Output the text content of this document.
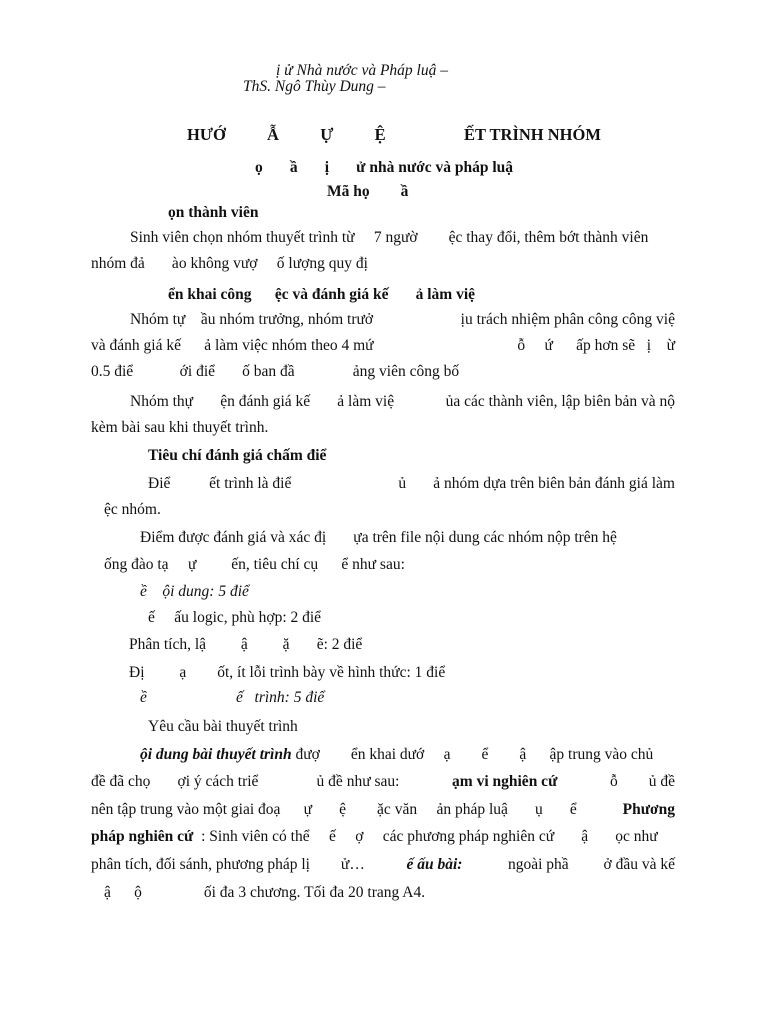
ị ử Nhà nước và Pháp luậ –
ThS. Ngô Thùy Dung –
HƯỚ          Ẫ          Ự          Ệ                   ẾT TRÌNH NHÓM
ọ       ầ       ị       ử nhà nước và pháp luậ
Mã họ        ầ
ọn thành viên
Sinh viên chọn nhóm thuyết trình từ     7 ngườ        ệc thay đổi, thêm bớt thành viên
nhóm đả       ào không vượ     ố lượng quy đị
ển khai công ệc và đánh giá kế ả làm việ
Nhóm tự    ầu nhóm trưởng, nhóm trưở	ịu trách nhiệm phân công công việ
và đánh giá kế      ả làm việc nhóm theo 4 mứ	ỗ     ứ      ấp hơn sẽ   ị    ừ
0.5 điể            ới điể       ố ban đầ               ảng viên công bố
Nhóm thự       ện đánh giá kế       ả làm việ	ủa các thành viên, lập biên bản và nộ
kèm bài sau khi thuyết trình.
Tiêu chí đánh giá chấm điể
Điể          ết trình là điể	ủ       ả nhóm dựa trên biên bản đánh giá làm
ệc nhóm.
Điểm được đánh giá và xác đị       ựa trên file nội dung các nhóm nộp trên hệ
ống đào tạ     ự         ến, tiêu chí cụ      ể như sau:
ề    ội dung: 5 điể
ế     ấu logic, phù hợp: 2 điể
Phân tích, lậ         ậ         ặ       ẽ: 2 điể
Đị         ạ        ốt, ít lỗi trình bày về hình thức: 1 điể
ề                       ế   trình: 5 điể
Yêu cầu bài thuyết trình
ội dung bài thuyết trình đượ        ển khai dướ     ạ        ể        ậ      ập trung vào chủ
đề đã chọ       ợi ý cách triể               ủ đề như sau:	ạm vi nghiên cứ	ỗ        ủ đề
nên tập trung vào một giai đoạ      ự       ệ        ặc văn     ản pháp luậ       ụ       ể	Phương
pháp nghiên cứ  : Sinh viên có thể     ế     ợ     các phương pháp nghiên cứ       ậ       ọc như
phân tích, đối sánh, phương pháp lị        ử…	ế ấu bài:	ngoài phầ         ở đầu và kế
ậ      ộ                ối đa 3 chương. Tối đa 20 trang A4.
